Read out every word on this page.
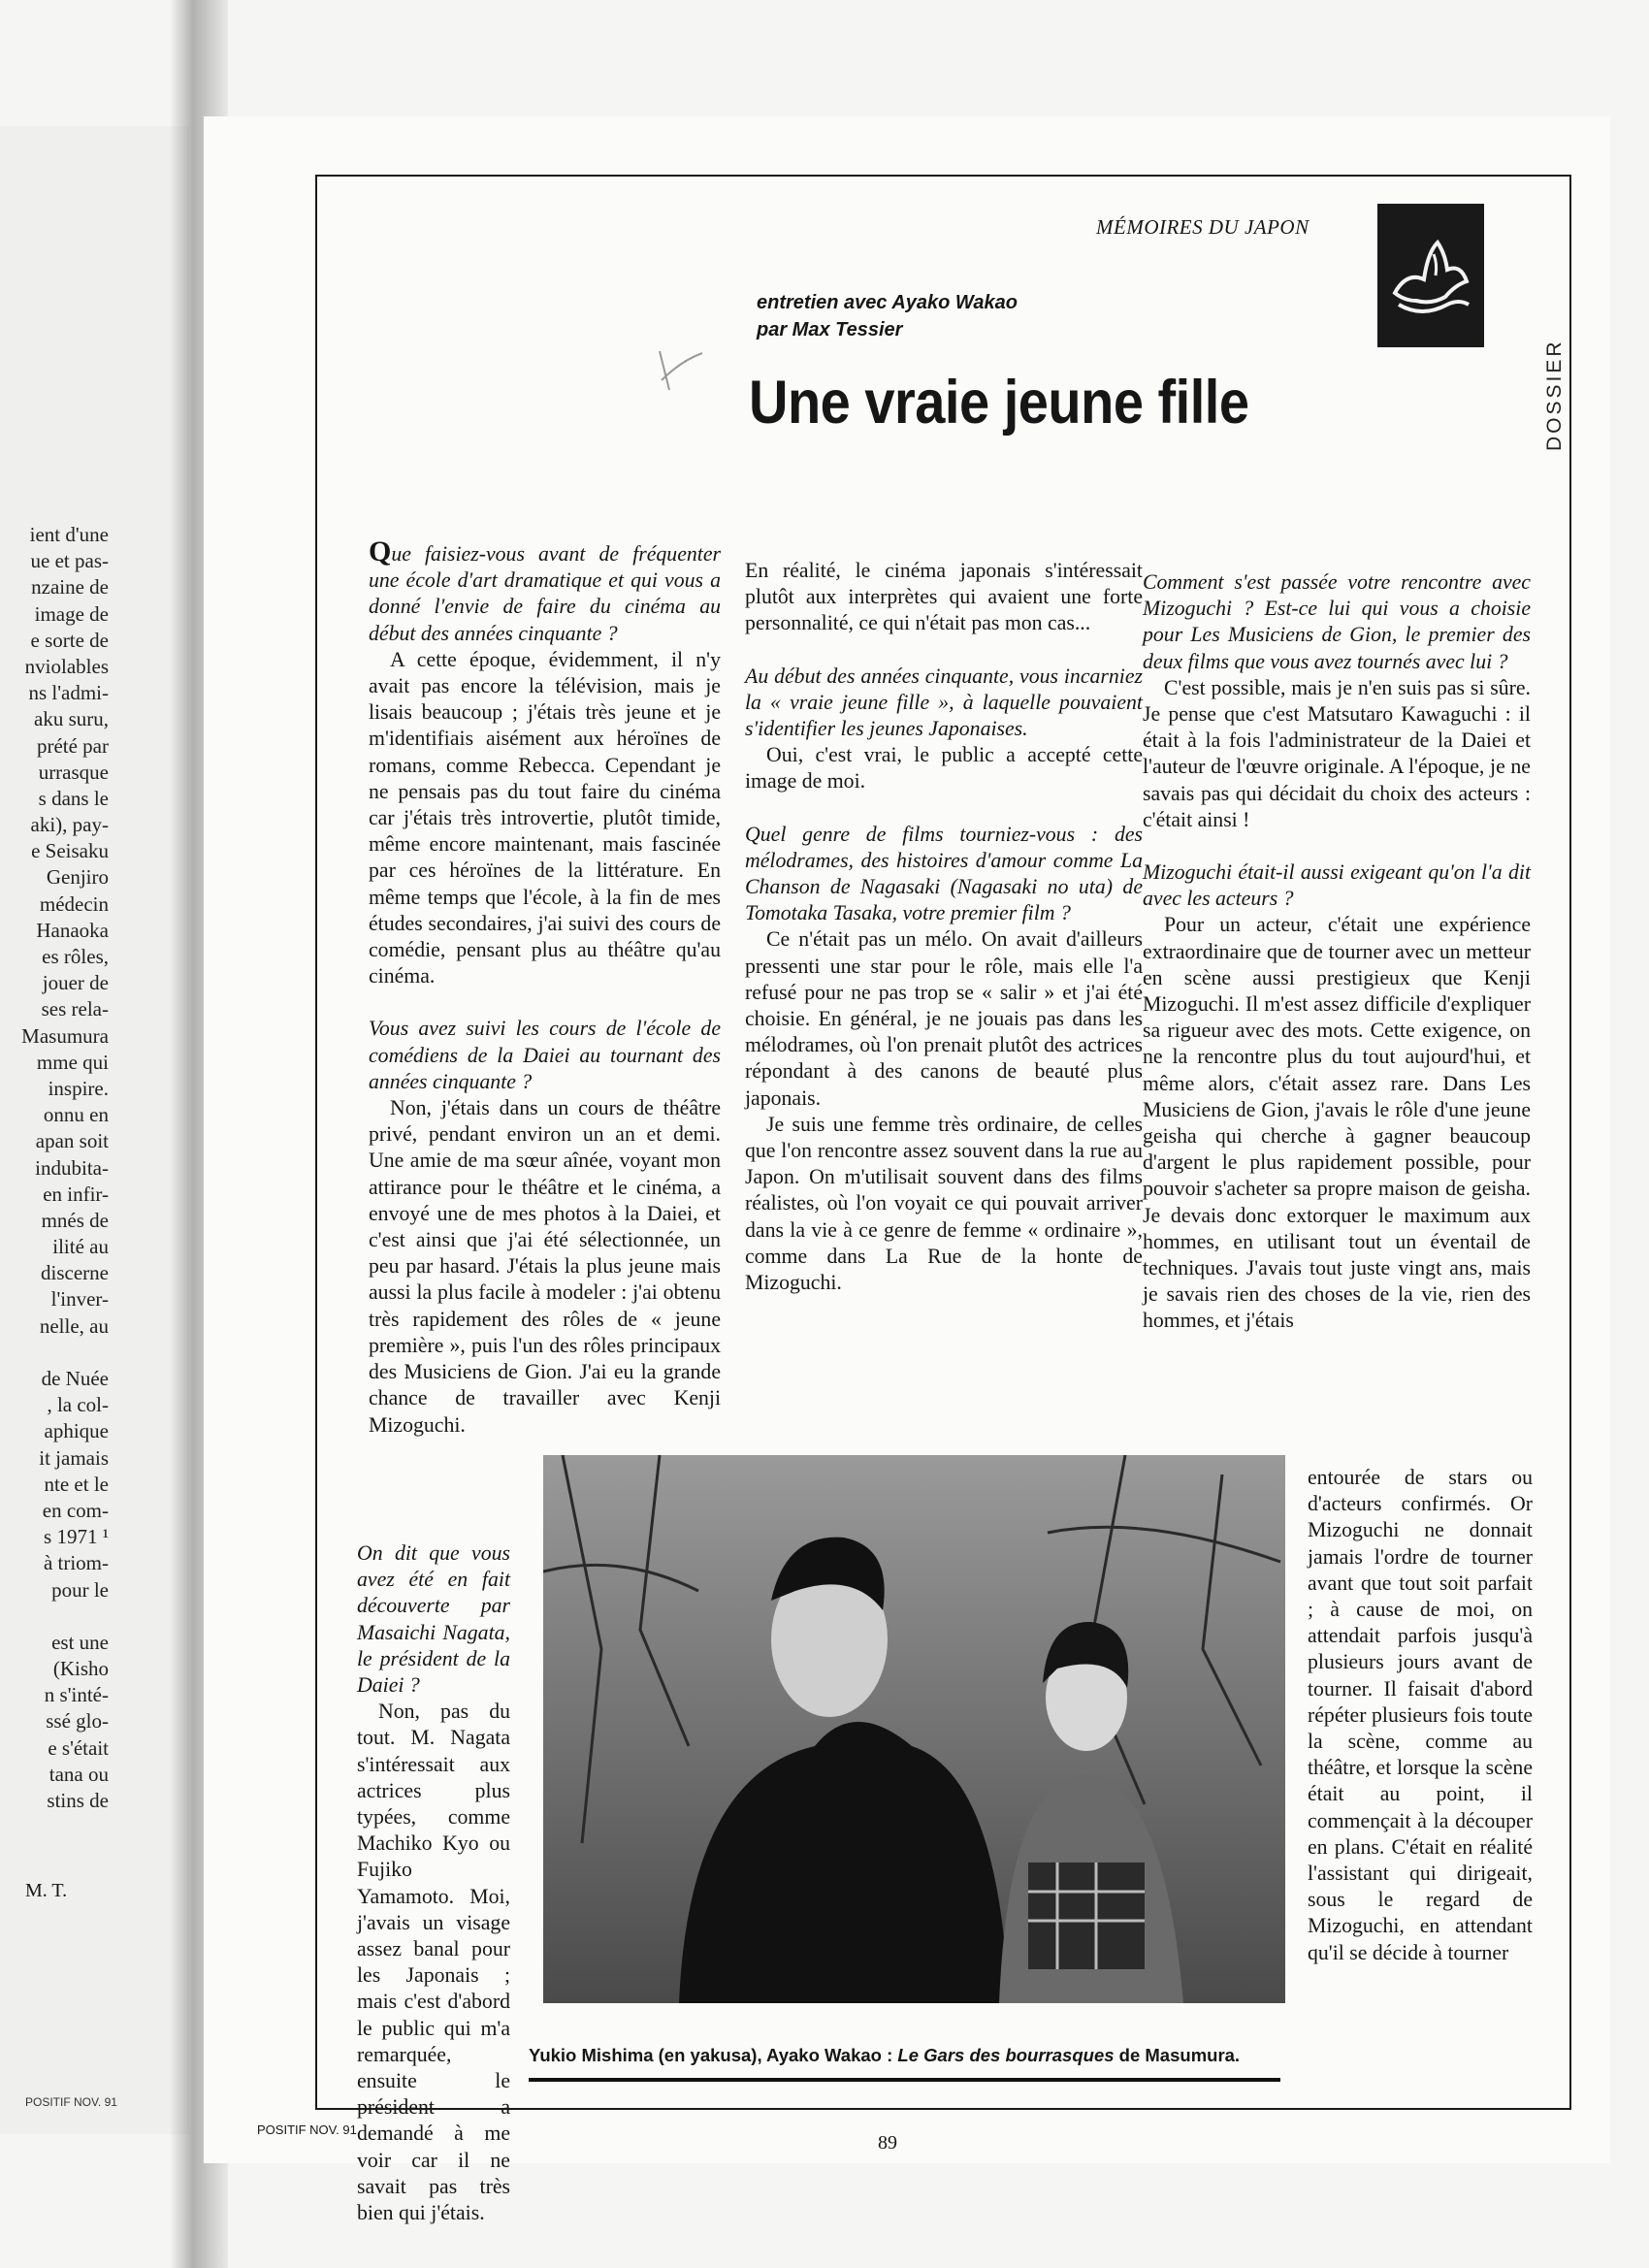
ient d'une
ue et pas-
nzaine de
image de
e sorte de
nviolables
ns l'admi-
aku suru,
prété par
urrasque
s dans le
aki), pay-
e Seisaku
Genjiro
médecin
Hanaoka
es rôles,
jouer de
ses rela-
Masumura
mme qui
inspire.
onnu en
apan soit
indubita-
en infir-
mnés de
ilité au
discerne
l'inver-
nelle, au
de Nuée
, la col-
aphique
it jamais
nte et le
en com-
s 1971 ¹
à triom-
pour le
est une
(Kisho
n s'inté-
ssé glo-
e s'était
tana ou
stins de
M. T.
POSITIF NOV. 91
MÉMOIRES DU JAPON
D
O
S
S
I
E
R
entretien avec Ayako Wakao
par Max Tessier
Une vraie jeune fille

Que faisiez-vous avant de fréquenter une école d'art dramatique et qui vous a donné l'envie de faire du cinéma au début des années cinquante ?

A cette époque, évidemment, il n'y avait pas encore la télévision, mais je lisais beaucoup ; j'étais très jeune et je m'identifiais aisément aux héroïnes de romans, comme Rebecca. Cependant je ne pensais pas du tout faire du cinéma car j'étais très introvertie, plutôt timide, même encore maintenant, mais fascinée par ces héroïnes de la littérature. En même temps que l'école, à la fin de mes études secondaires, j'ai suivi des cours de comédie, pensant plus au théâtre qu'au cinéma.

Vous avez suivi les cours de l'école de comédiens de la Daiei au tournant des années cinquante ?

Non, j'étais dans un cours de théâtre privé, pendant environ un an et demi. Une amie de ma sœur aînée, voyant mon attirance pour le théâtre et le cinéma, a envoyé une de mes photos à la Daiei, et c'est ainsi que j'ai été sélectionnée, un peu par hasard. J'étais la plus jeune mais aussi la plus facile à modeler : j'ai obtenu très rapidement des rôles de « jeune première », puis l'un des rôles principaux des Musiciens de Gion. J'ai eu la grande chance de travailler avec Kenji Mizoguchi.

On dit que vous avez été en fait découverte par Masaichi Nagata, le président de la Daiei ?

Non, pas du tout. M. Nagata s'intéressait aux actrices plus typées, comme Machiko Kyo ou Fujiko Yamamoto. Moi, j'avais un visage assez banal pour les Japonais ; mais c'est d'abord le public qui m'a remarquée, ensuite le président a demandé à me voir car il ne savait pas très bien qui j'étais.

En réalité, le cinéma japonais s'intéressait plutôt aux interprètes qui avaient une forte personnalité, ce qui n'était pas mon cas...

Au début des années cinquante, vous incarniez la « vraie jeune fille », à laquelle pouvaient s'identifier les jeunes Japonaises.

Oui, c'est vrai, le public a accepté cette image de moi.

Quel genre de films tourniez-vous : des mélodrames, des histoires d'amour comme La Chanson de Nagasaki (Nagasaki no uta) de Tomotaka Tasaka, votre premier film ?

Ce n'était pas un mélo. On avait d'ailleurs pressenti une star pour le rôle, mais elle l'a refusé pour ne pas trop se « salir » et j'ai été choisie. En général, je ne jouais pas dans les mélodrames, où l'on prenait plutôt des actrices répondant à des canons de beauté plus japonais.

Je suis une femme très ordinaire, de celles que l'on rencontre assez souvent dans la rue au Japon. On m'utilisait souvent dans des films réalistes, où l'on voyait ce qui pouvait arriver dans la vie à ce genre de femme « ordinaire », comme dans La Rue de la honte de Mizoguchi.

Comment s'est passée votre rencontre avec Mizoguchi ? Est-ce lui qui vous a choisie pour Les Musiciens de Gion, le premier des deux films que vous avez tournés avec lui ?

C'est possible, mais je n'en suis pas si sûre. Je pense que c'est Matsutaro Kawaguchi : il était à la fois l'administrateur de la Daiei et l'auteur de l'œuvre originale. A l'époque, je ne savais pas qui décidait du choix des acteurs : c'était ainsi !

Mizoguchi était-il aussi exigeant qu'on l'a dit avec les acteurs ?

Pour un acteur, c'était une expérience extraordinaire que de tourner avec un metteur en scène aussi prestigieux que Kenji Mizoguchi. Il m'est assez difficile d'expliquer sa rigueur avec des mots. Cette exigence, on ne la rencontre plus du tout aujourd'hui, et même alors, c'était assez rare. Dans Les Musiciens de Gion, j'avais le rôle d'une jeune geisha qui cherche à gagner beaucoup d'argent le plus rapidement possible, pour pouvoir s'acheter sa propre maison de geisha. Je devais donc extorquer le maximum aux hommes, en utilisant tout un éventail de techniques. J'avais tout juste vingt ans, mais je savais rien des choses de la vie, rien des hommes, et j'étais

entourée de stars ou d'acteurs confirmés. Or Mizoguchi ne donnait jamais l'ordre de tourner avant que tout soit parfait ; à cause de moi, on attendait parfois jusqu'à plusieurs jours avant de tourner. Il faisait d'abord répéter plusieurs fois toute la scène, comme au théâtre, et lorsque la scène était au point, il commençait à la découper en plans. C'était en réalité l'assistant qui dirigeait, sous le regard de Mizoguchi, en attendant qu'il se décide à tourner
Yukio Mishima (en yakusa), Ayako Wakao : Le Gars des bourrasques de Masumura.
POSITIF NOV. 91
89
